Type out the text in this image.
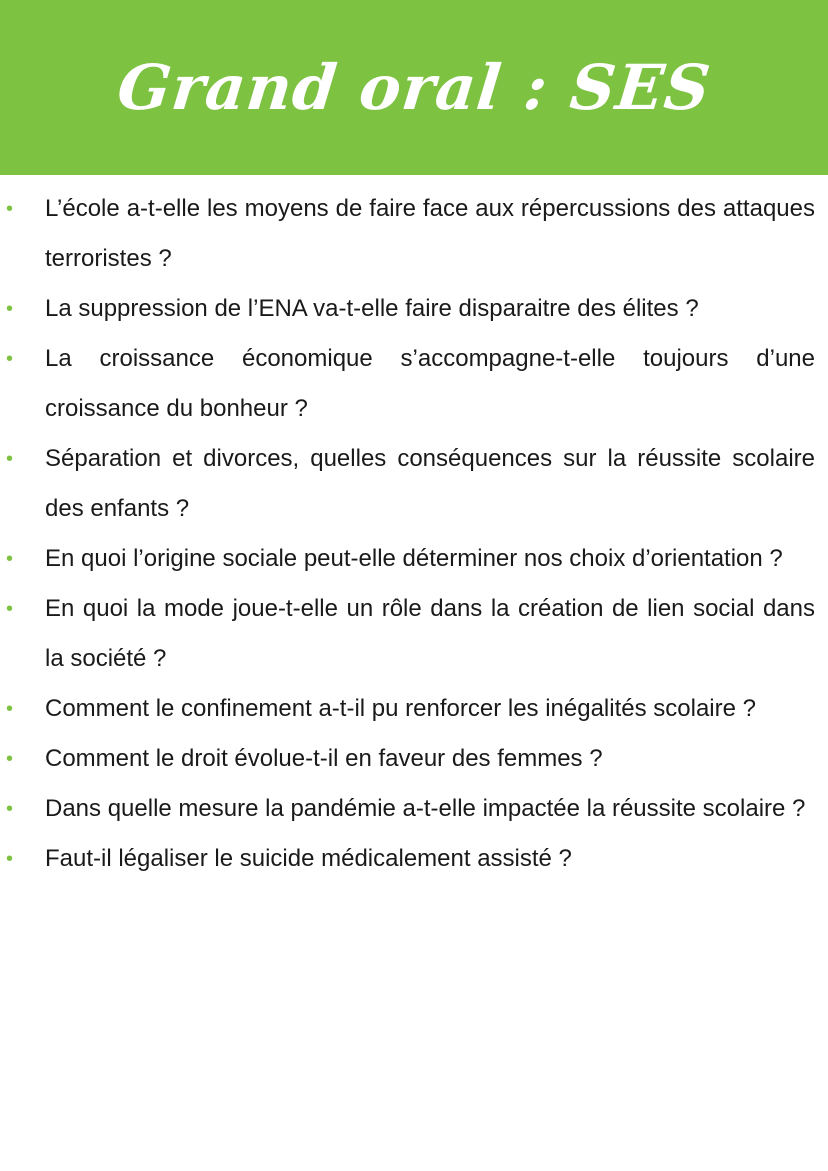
Grand oral : SES
• L’école a-t-elle les moyens de faire face aux répercussions des attaques terroristes ?
• La suppression de l’ENA va-t-elle faire disparaitre des élites ?
• La croissance économique s’accompagne-t-elle toujours d’une croissance du bonheur ?
• Séparation et divorces, quelles conséquences sur la réussite scolaire des enfants ?
• En quoi l’origine sociale peut-elle déterminer nos choix d’orientation ?
• En quoi la mode joue-t-elle un rôle dans la création de lien social dans la société ?
• Comment le confinement a-t-il pu renforcer les inégalités scolaire ?
• Comment le droit évolue-t-il en faveur des femmes ?
• Dans quelle mesure la pandémie a-t-elle impactée la réussite scolaire ?
• Faut-il légaliser le suicide médicalement assisté ?
